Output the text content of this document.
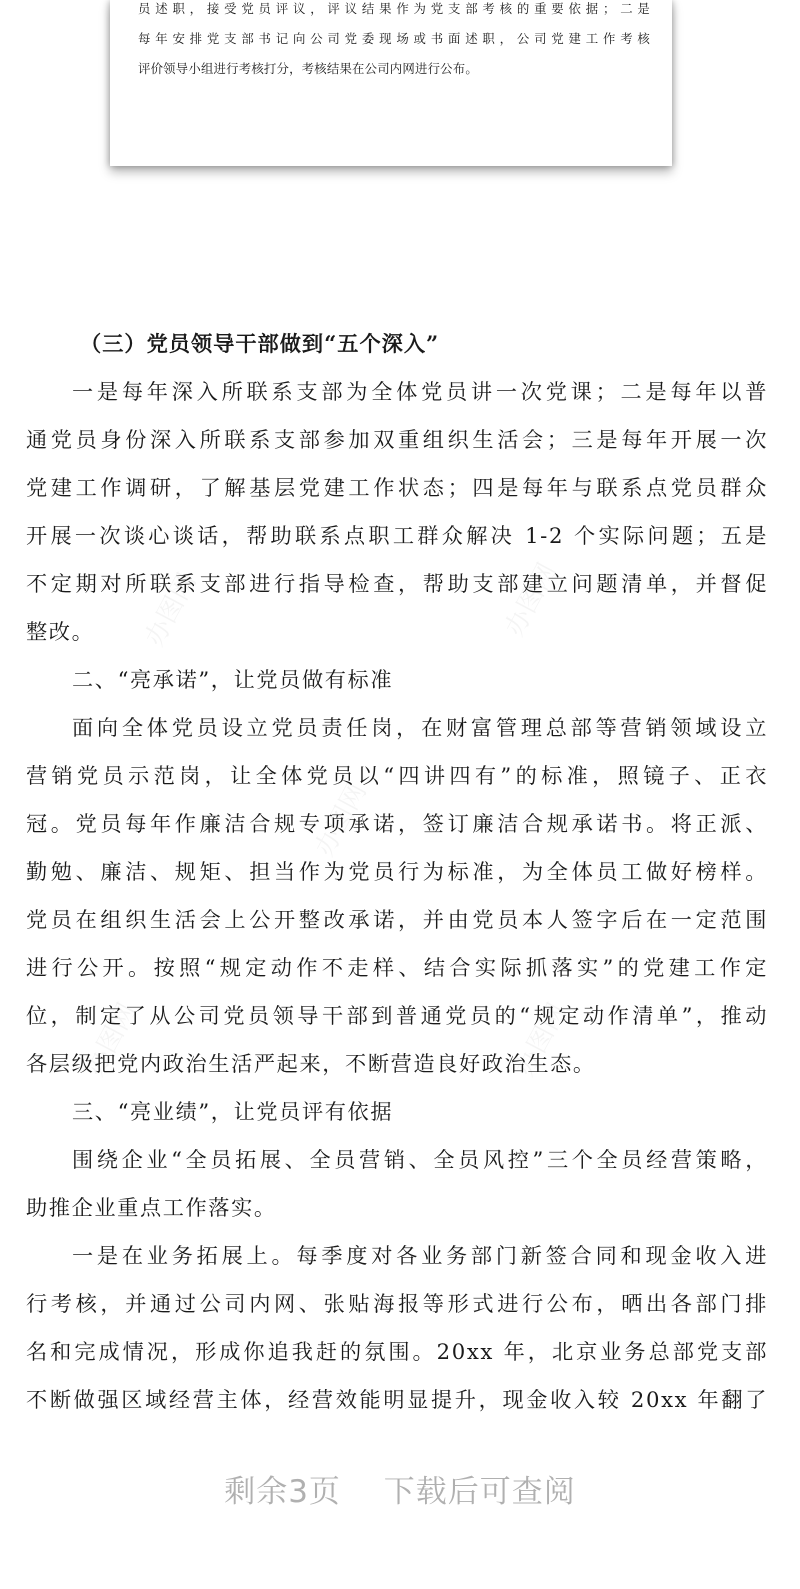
员述职，接受党员评议，评议结果作为党支部考核的重要依据；二是
每年安排党支部书记向公司党委现场或书面述职，公司党建工作考核
评价领导小组进行考核打分，考核结果在公司内网进行公布。
（三）党员领导干部做到“五个深入”
一是每年深入所联系支部为全体党员讲一次党课；二是每年以普
通党员身份深入所联系支部参加双重组织生活会；三是每年开展一次
党建工作调研，了解基层党建工作状态；四是每年与联系点党员群众
开展一次谈心谈话，帮助联系点职工群众解决 1-2 个实际问题；五是
不定期对所联系支部进行指导检查，帮助支部建立问题清单，并督促
整改。
二、“亮承诺”，让党员做有标准
面向全体党员设立党员责任岗，在财富管理总部等营销领域设立
营销党员示范岗，让全体党员以“四讲四有”的标准，照镜子、正衣
冠。党员每年作廉洁合规专项承诺，签订廉洁合规承诺书。将正派、
勤勉、廉洁、规矩、担当作为党员行为标准，为全体员工做好榜样。
党员在组织生活会上公开整改承诺，并由党员本人签字后在一定范围
进行公开。按照“规定动作不走样、结合实际抓落实”的党建工作定
位，制定了从公司党员领导干部到普通党员的“规定动作清单”，推动
各层级把党内政治生活严起来，不断营造良好政治生态。
三、“亮业绩”，让党员评有依据
围绕企业“全员拓展、全员营销、全员风控”三个全员经营策略，
助推企业重点工作落实。
一是在业务拓展上。每季度对各业务部门新签合同和现金收入进
行考核，并通过公司内网、张贴海报等形式进行公布，晒出各部门排
名和完成情况，形成你追我赶的氛围。20xx 年，北京业务总部党支部
不断做强区域经营主体，经营效能明显提升，现金收入较 20xx 年翻了
剩余3页 下载后可查阅
